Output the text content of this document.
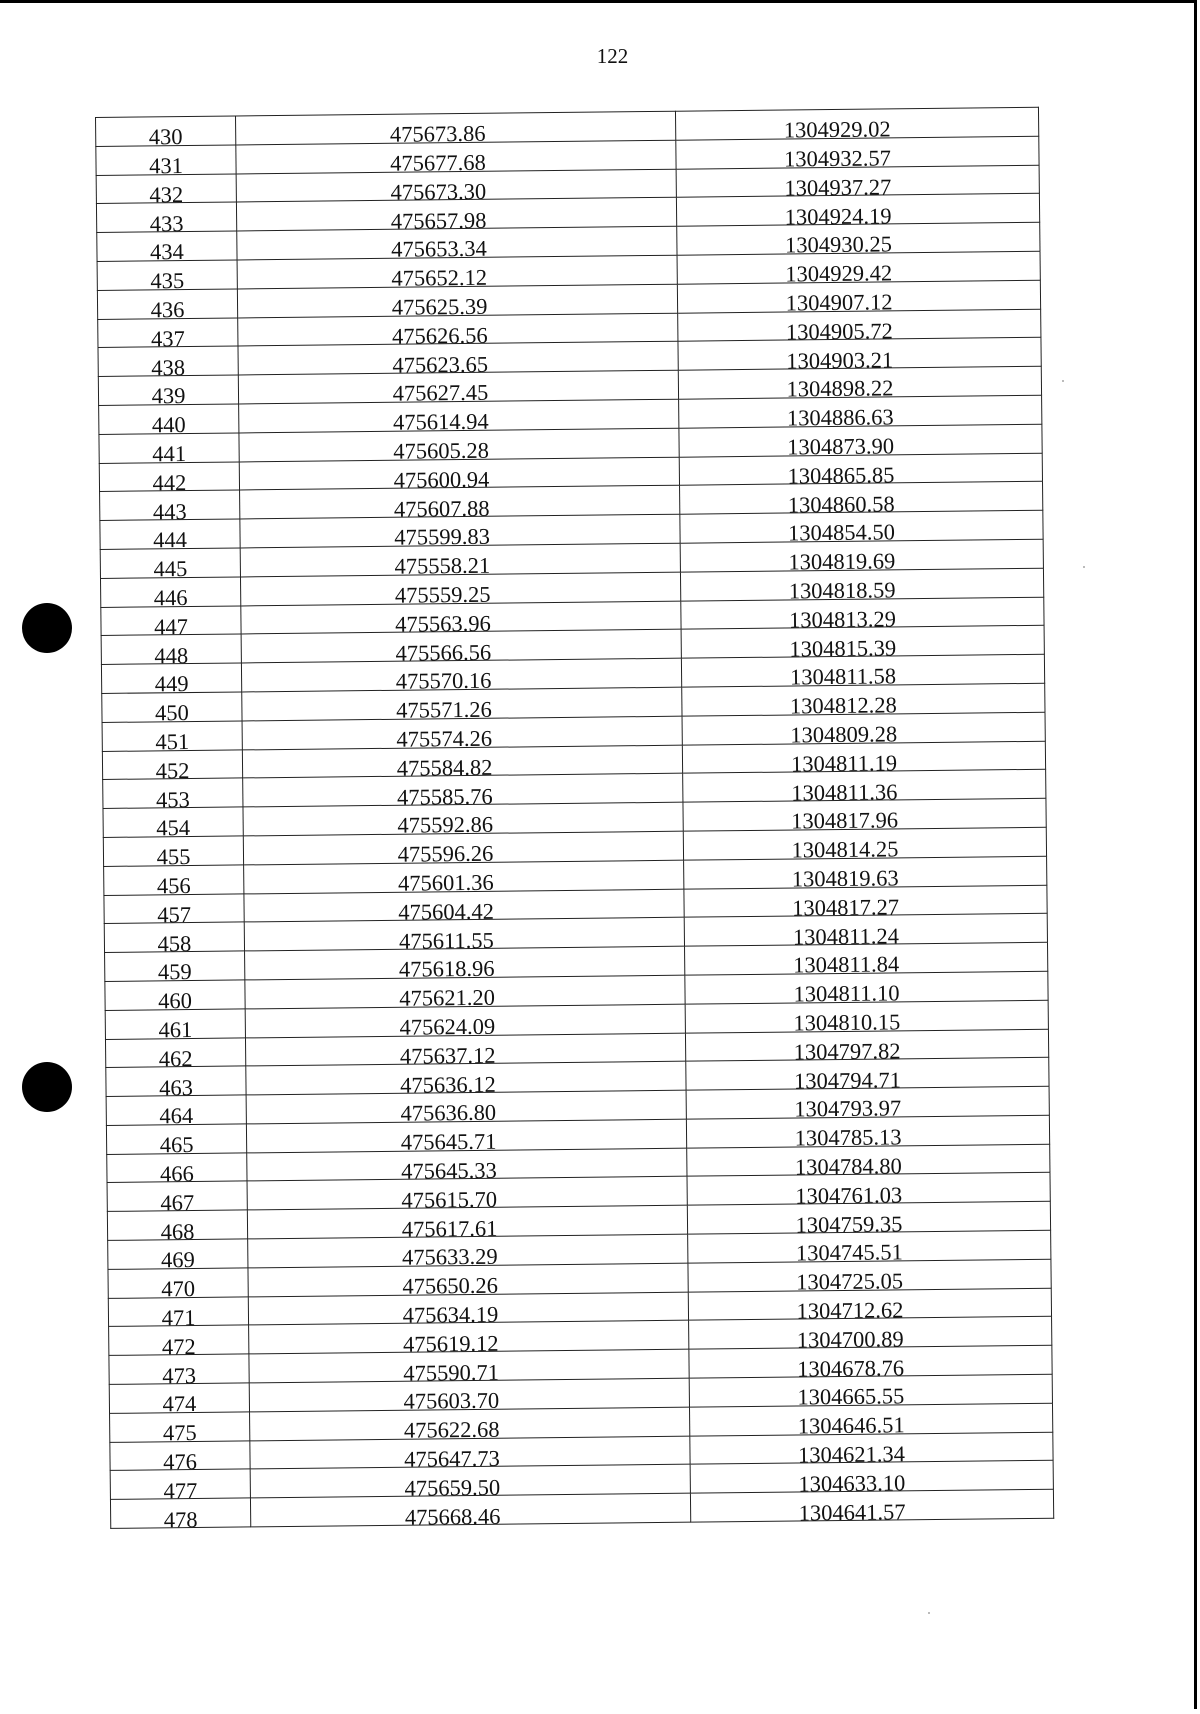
122
430	475673.86	1304929.02

431	475677.68	1304932.57

432	475673.30	1304937.27

433	475657.98	1304924.19

434	475653.34	1304930.25

435	475652.12	1304929.42

436	475625.39	1304907.12

437	475626.56	1304905.72

438	475623.65	1304903.21

439	475627.45	1304898.22

440	475614.94	1304886.63

441	475605.28	1304873.90

442	475600.94	1304865.85

443	475607.88	1304860.58

444	475599.83	1304854.50

445	475558.21	1304819.69

446	475559.25	1304818.59

447	475563.96	1304813.29

448	475566.56	1304815.39

449	475570.16	1304811.58

450	475571.26	1304812.28

451	475574.26	1304809.28

452	475584.82	1304811.19

453	475585.76	1304811.36

454	475592.86	1304817.96

455	475596.26	1304814.25

456	475601.36	1304819.63

457	475604.42	1304817.27

458	475611.55	1304811.24

459	475618.96	1304811.84

460	475621.20	1304811.10

461	475624.09	1304810.15

462	475637.12	1304797.82

463	475636.12	1304794.71

464	475636.80	1304793.97

465	475645.71	1304785.13

466	475645.33	1304784.80

467	475615.70	1304761.03

468	475617.61	1304759.35

469	475633.29	1304745.51

470	475650.26	1304725.05

471	475634.19	1304712.62

472	475619.12	1304700.89

473	475590.71	1304678.76

474	475603.70	1304665.55

475	475622.68	1304646.51

476	475647.73	1304621.34

477	475659.50	1304633.10

478	475668.46	1304641.57
